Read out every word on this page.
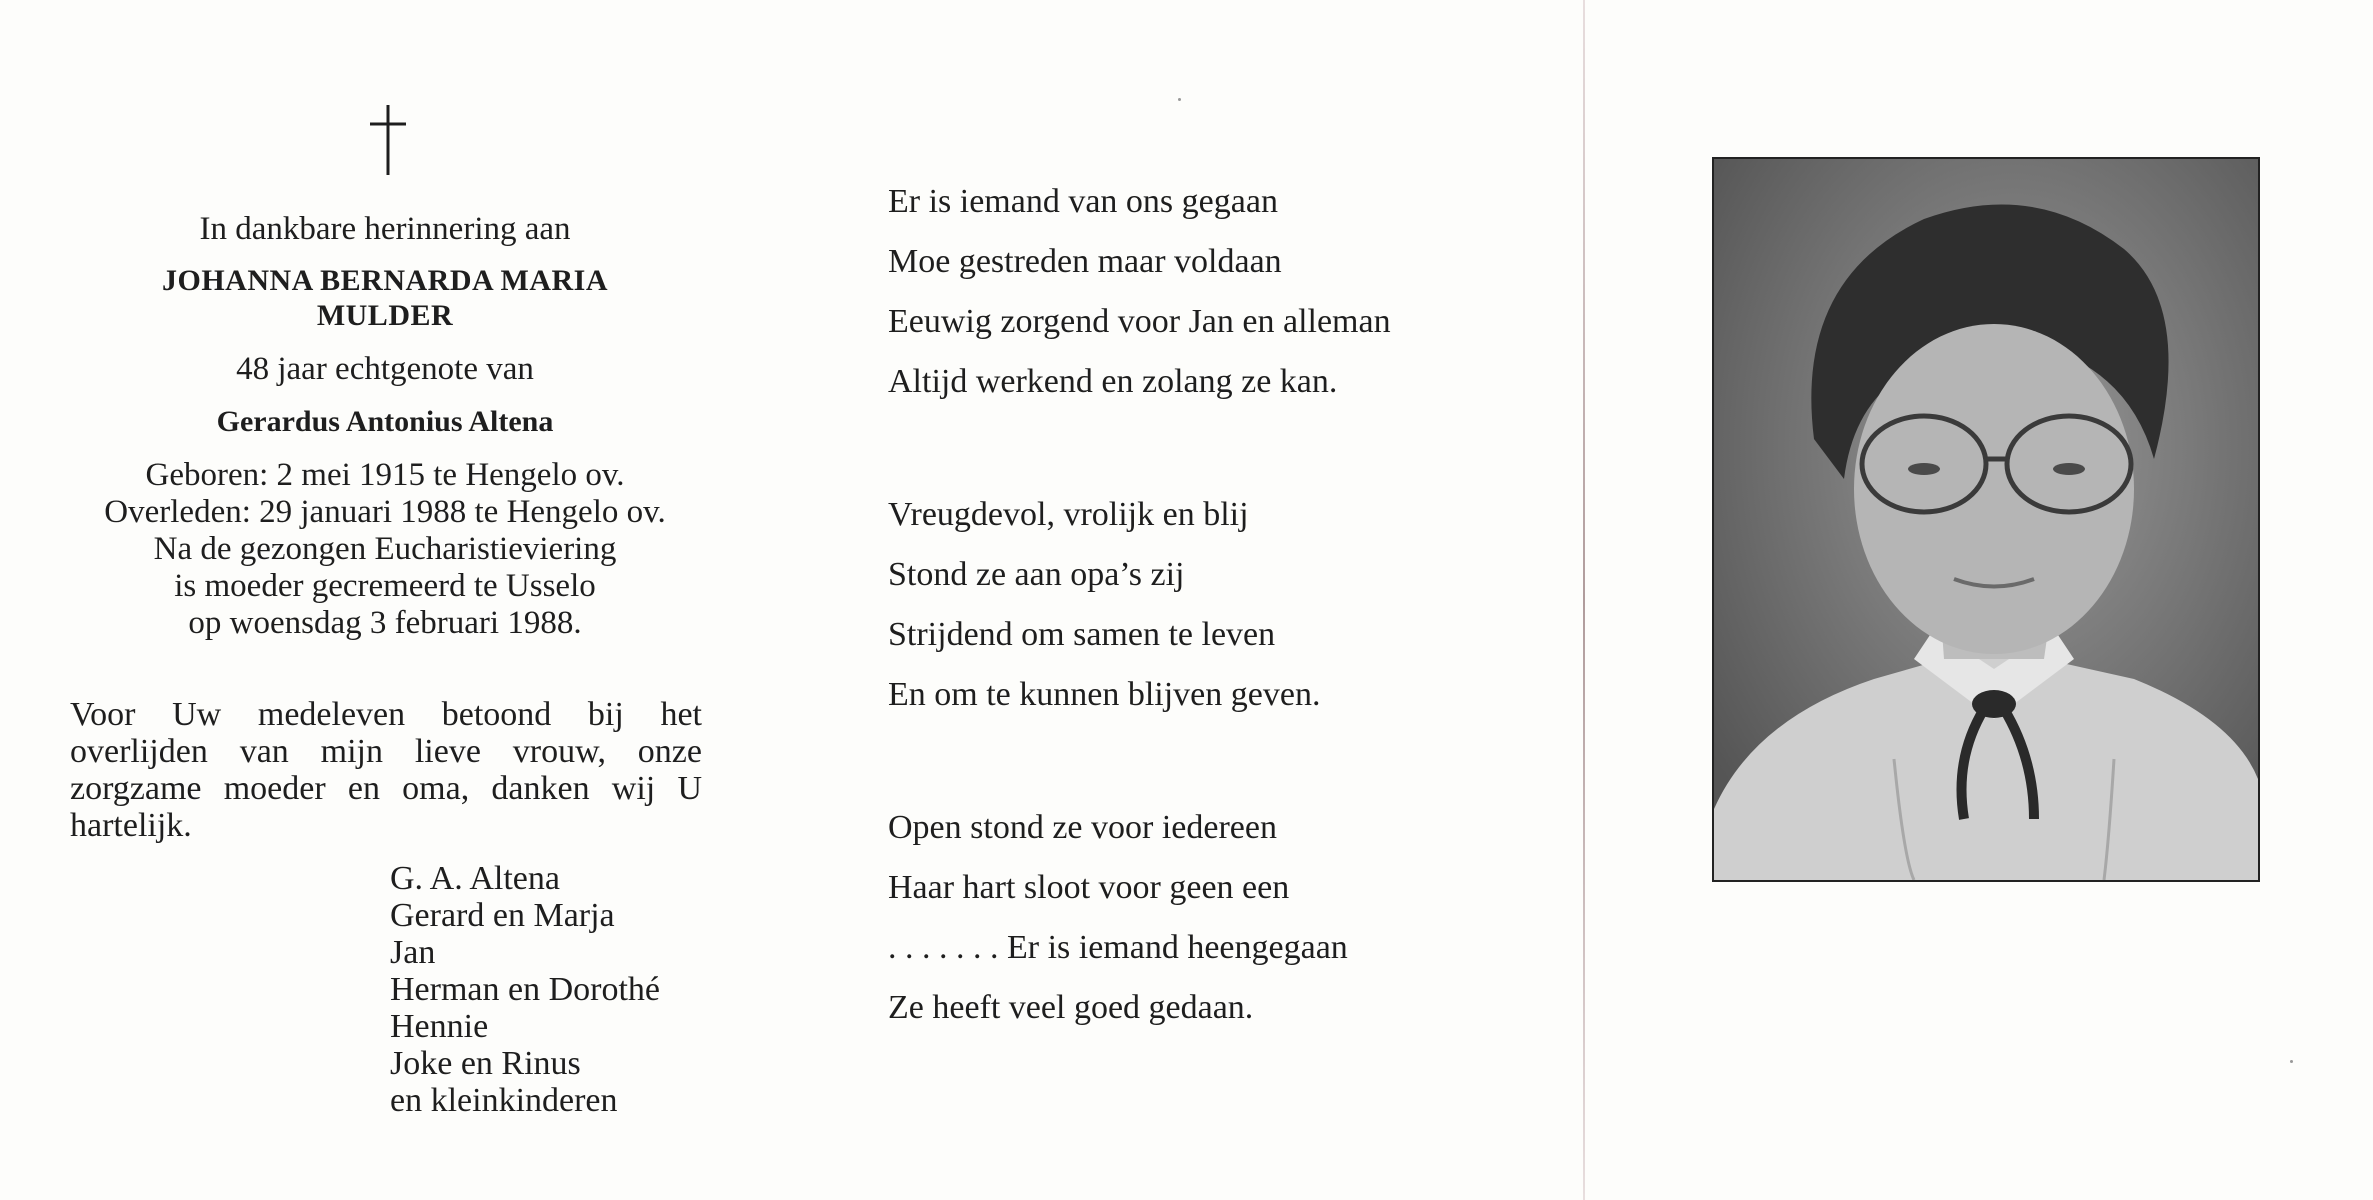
In dankbare herinnering aan
JOHANNA BERNARDA MARIA
MULDER
48 jaar echtgenote van
Gerardus Antonius Altena
Geboren: 2 mei 1915 te Hengelo ov.
Overleden: 29 januari 1988 te Hengelo ov.
Na de gezongen Eucharistieviering
is moeder gecremeerd te Usselo
op woensdag 3 februari 1988.
Voor Uw medeleven betoond bij het overlijden van mijn lieve vrouw, onze zorgzame moeder en oma, danken wij U hartelijk.
G. A. Altena
Gerard en Marja
Jan
Herman en Dorothé
Hennie
Joke en Rinus
en kleinkinderen
Er is iemand van ons gegaan
Moe gestreden maar voldaan
Eeuwig zorgend voor Jan en alleman
Altijd werkend en zolang ze kan.
Vreugdevol, vrolijk en blij
Stond ze aan opa’s zij
Strijdend om samen te leven
En om te kunnen blijven geven.
Open stond ze voor iedereen
Haar hart sloot voor geen een
. . . . . . . Er is iemand heengegaan
Ze heeft veel goed gedaan.
